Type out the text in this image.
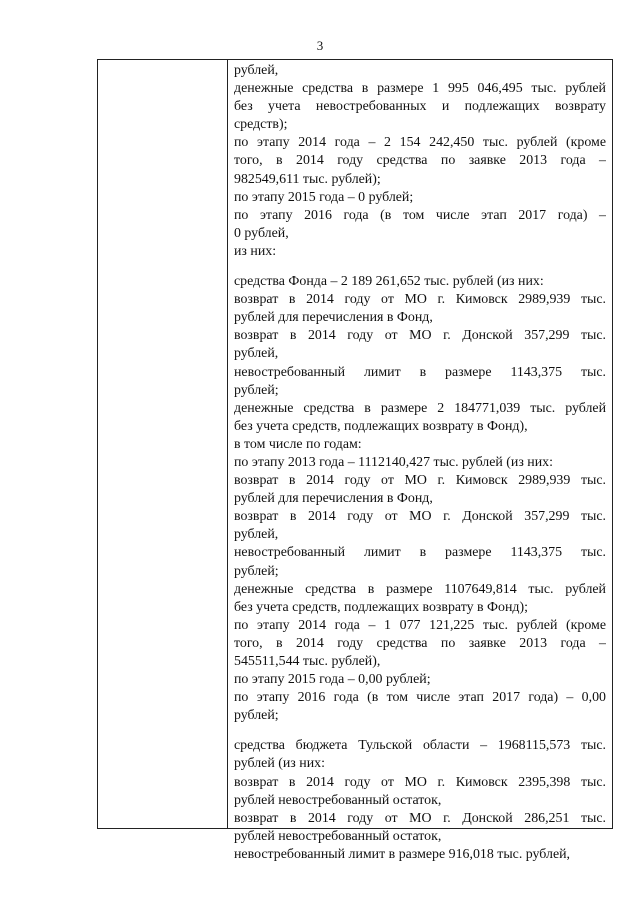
3
рублей,
денежные средства в размере 1 995 046,495 тыс. рублей
без учета невостребованных и подлежащих возврату
средств);
по этапу 2014 года – 2 154 242,450 тыс. рублей (кроме
того, в 2014 году средства по заявке 2013 года –
982549,611 тыс. рублей);
по этапу 2015 года – 0 рублей;
по этапу 2016 года (в том числе этап 2017 года) –
0 рублей,
из них:
средства Фонда – 2 189 261,652 тыс. рублей (из них:
возврат в 2014 году от МО г. Кимовск 2989,939 тыс.
рублей для перечисления в Фонд,
возврат в 2014 году от МО г. Донской 357,299 тыс.
рублей,
невостребованный лимит в размере 1143,375 тыс.
рублей;
денежные средства в размере 2 184771,039 тыс. рублей
без учета средств, подлежащих возврату в Фонд),
в том числе по годам:
по этапу 2013 года – 1112140,427 тыс. рублей (из них:
возврат в 2014 году от МО г. Кимовск 2989,939 тыс.
рублей для перечисления в Фонд,
возврат в 2014 году от МО г. Донской 357,299 тыс.
рублей,
невостребованный лимит в размере 1143,375 тыс.
рублей;
денежные средства в размере 1107649,814 тыс. рублей
без учета средств, подлежащих возврату в Фонд);
по этапу 2014 года – 1 077 121,225 тыс. рублей (кроме
того, в 2014 году средства по заявке 2013 года –
545511,544 тыс. рублей),
по этапу 2015 года – 0,00 рублей;
по этапу 2016 года (в том числе этап 2017 года) – 0,00
рублей;
средства бюджета Тульской области – 1968115,573 тыс.
рублей (из них:
возврат в 2014 году от МО г. Кимовск 2395,398 тыс.
рублей невостребованный остаток,
возврат в 2014 году от МО г. Донской 286,251 тыс.
рублей невостребованный остаток,
невостребованный лимит в размере 916,018 тыс. рублей,
